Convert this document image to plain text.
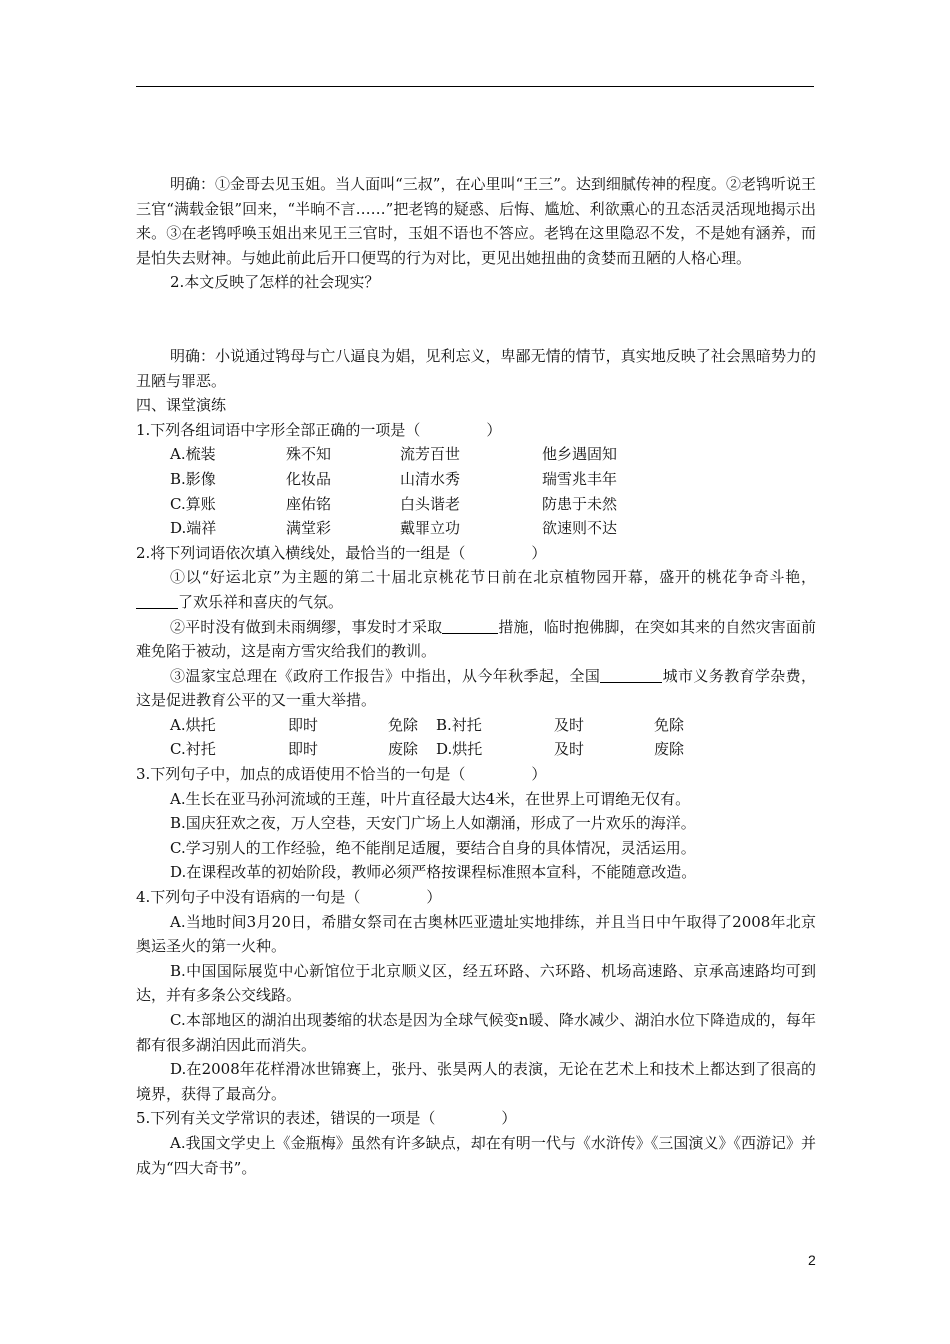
明确：①金哥去见玉姐。当人面叫“三叔”，在心里叫“王三”。达到细腻传神的程度。②老鸨听说王三官“满载金银”回来，“半晌不言……”把老鸨的疑惑、后悔、尴尬、利欲熏心的丑态活灵活现地揭示出来。③在老鸨呼唤玉姐出来见王三官时，玉姐不语也不答应。老鸨在这里隐忍不发，不是她有涵养，而是怕失去财神。与她此前此后开口便骂的行为对比，更见出她扭曲的贪婪而丑陋的人格心理。

2.本文反映了怎样的社会现实？

明确：小说通过鸨母与亡八逼良为娼，见利忘义，卑鄙无情的情节，真实地反映了社会黑暗势力的丑陋与罪恶。

四、课堂演练

1.下列各组词语中字形全部正确的一项是（	）

A.梳装	殊不知	流芳百世	他乡遇固知
B.影像	化妆品	山清水秀	瑞雪兆丰年
C.算账	座佑铭	白头谐老	防患于未然
D.端祥	满堂彩	戴罪立功	欲速则不达

2.将下列词语依次填入横线处，最恰当的一组是（	）

①以“好运北京”为主题的第二十届北京桃花节日前在北京植物园开幕，盛开的桃花争奇斗艳，了欢乐祥和喜庆的气氛。

②平时没有做到未雨绸缪，事发时才采取	措施，临时抱佛脚，在突如其来的自然灾害面前难免陷于被动，这是南方雪灾给我们的教训。

③温家宝总理在《政府工作报告》中指出，从今年秋季起，全国	城市义务教育学杂费，这是促进教育公平的又一重大举措。

A.烘托	即时	免除	B.衬托	及时	免除
C.衬托	即时	废除	D.烘托	及时	废除

3.下列句子中，加点的成语使用不恰当的一句是（	）

A.生长在亚马孙河流域的王莲，叶片直径最大达4米，在世界上可谓绝无仅有。

B.国庆狂欢之夜，万人空巷，天安门广场上人如潮涌，形成了一片欢乐的海洋。

C.学习别人的工作经验，绝不能削足适履，要结合自身的具体情况，灵活运用。

D.在课程改革的初始阶段，教师必须严格按课程标准照本宣科，不能随意改造。

4.下列句子中没有语病的一句是（	）

A.当地时间3月20日，希腊女祭司在古奥林匹亚遗址实地排练，并且当日中午取得了2008年北京奥运圣火的第一火种。

B.中国国际展览中心新馆位于北京顺义区，经五环路、六环路、机场高速路、京承高速路均可到达，并有多条公交线路。

C.本部地区的湖泊出现萎缩的状态是因为全球气候变n暖、降水减少、湖泊水位下降造成的，每年都有很多湖泊因此而消失。

D.在2008年花样滑冰世锦赛上，张丹、张昊两人的表演，无论在艺术上和技术上都达到了很高的境界，获得了最高分。

5.下列有关文学常识的表述，错误的一项是（	）

A.我国文学史上《金瓶梅》虽然有许多缺点，却在有明一代与《水浒传》《三国演义》《西游记》并成为“四大奇书”。

2
